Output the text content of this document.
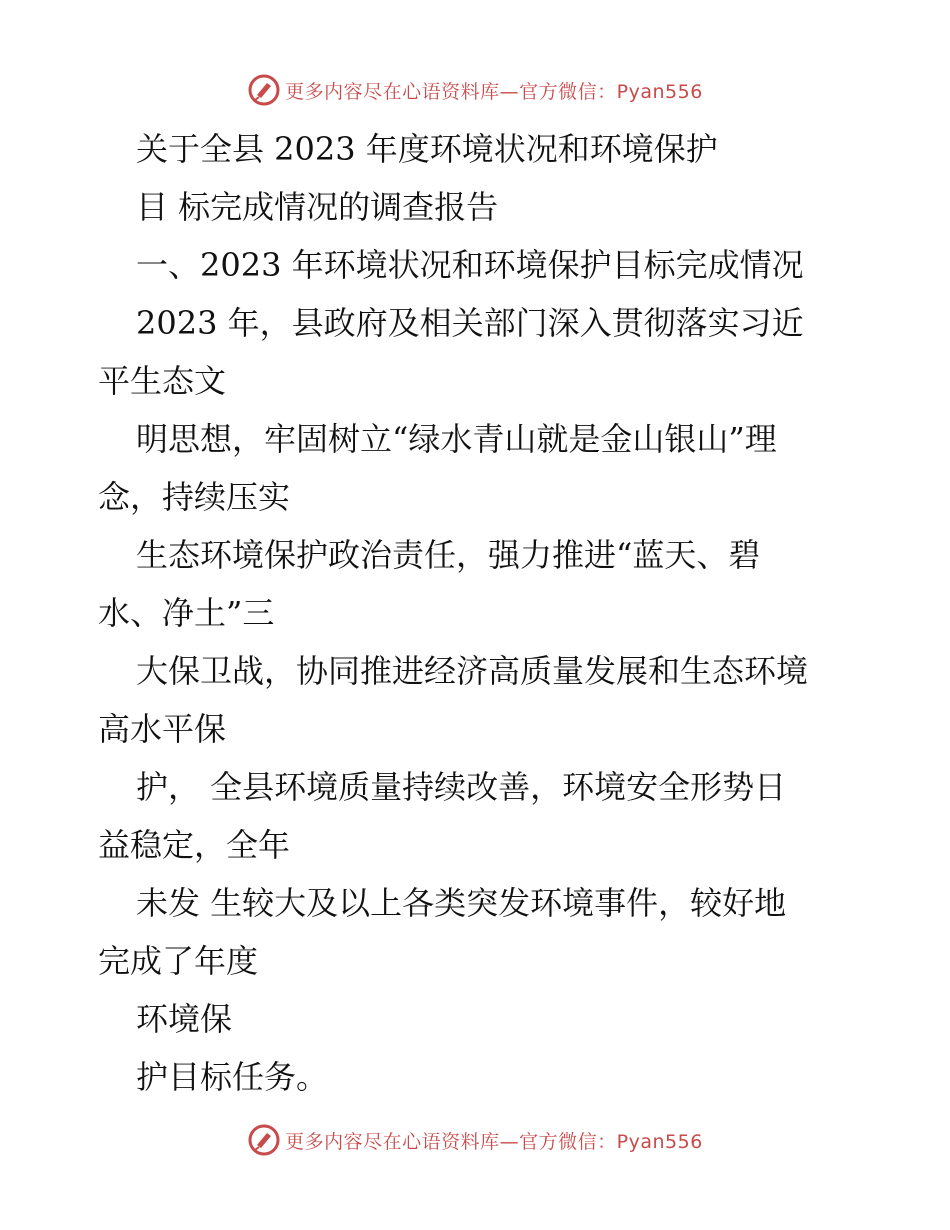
更多内容尽在心语资料库—官方微信：Pyan556
关于全县 2023 年度环境状况和环境保护
目 标完成情况的调查报告
一、2023 年环境状况和环境保护目标完成情况
2023 年，县政府及相关部门深入贯彻落实习近
平生态文
明思想，牢固树立“绿水青山就是金山银山”理
念，持续压实
生态环境保护政治责任，强力推进“蓝天、碧
水、净土”三
大保卫战，协同推进经济高质量发展和生态环境
高水平保
护， 全县环境质量持续改善，环境安全形势日
益稳定，全年
未发 生较大及以上各类突发环境事件，较好地
完成了年度
环境保
护目标任务。
更多内容尽在心语资料库—官方微信：Pyan556
